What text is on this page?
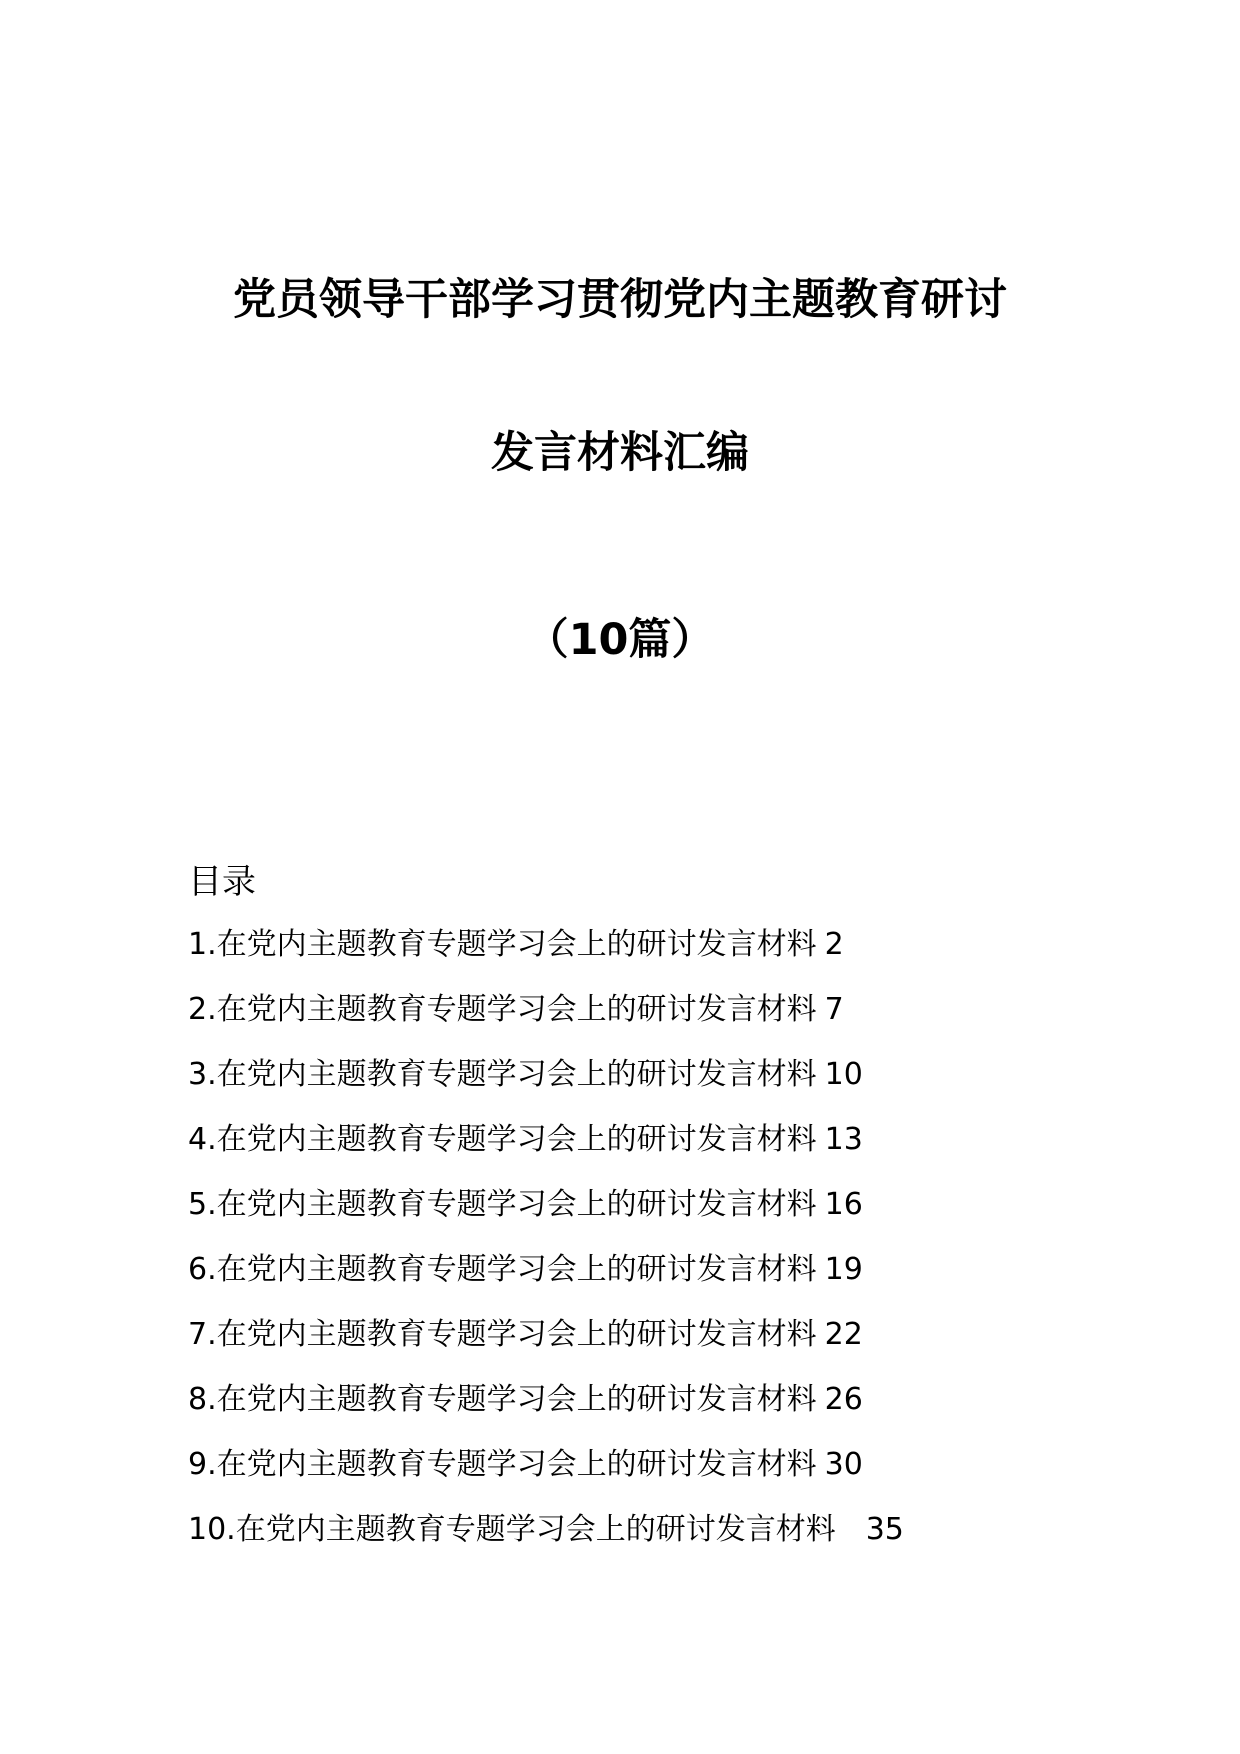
党员领导干部学习贯彻党内主题教育研讨
发言材料汇编
（10篇）
目录
1.在党内主题教育专题学习会上的研讨发言材料 2
2.在党内主题教育专题学习会上的研讨发言材料 7
3.在党内主题教育专题学习会上的研讨发言材料 10
4.在党内主题教育专题学习会上的研讨发言材料 13
5.在党内主题教育专题学习会上的研讨发言材料 16
6.在党内主题教育专题学习会上的研讨发言材料 19
7.在党内主题教育专题学习会上的研讨发言材料 22
8.在党内主题教育专题学习会上的研讨发言材料 26
9.在党内主题教育专题学习会上的研讨发言材料 30
10.在党内主题教育专题学习会上的研讨发言材料 35
